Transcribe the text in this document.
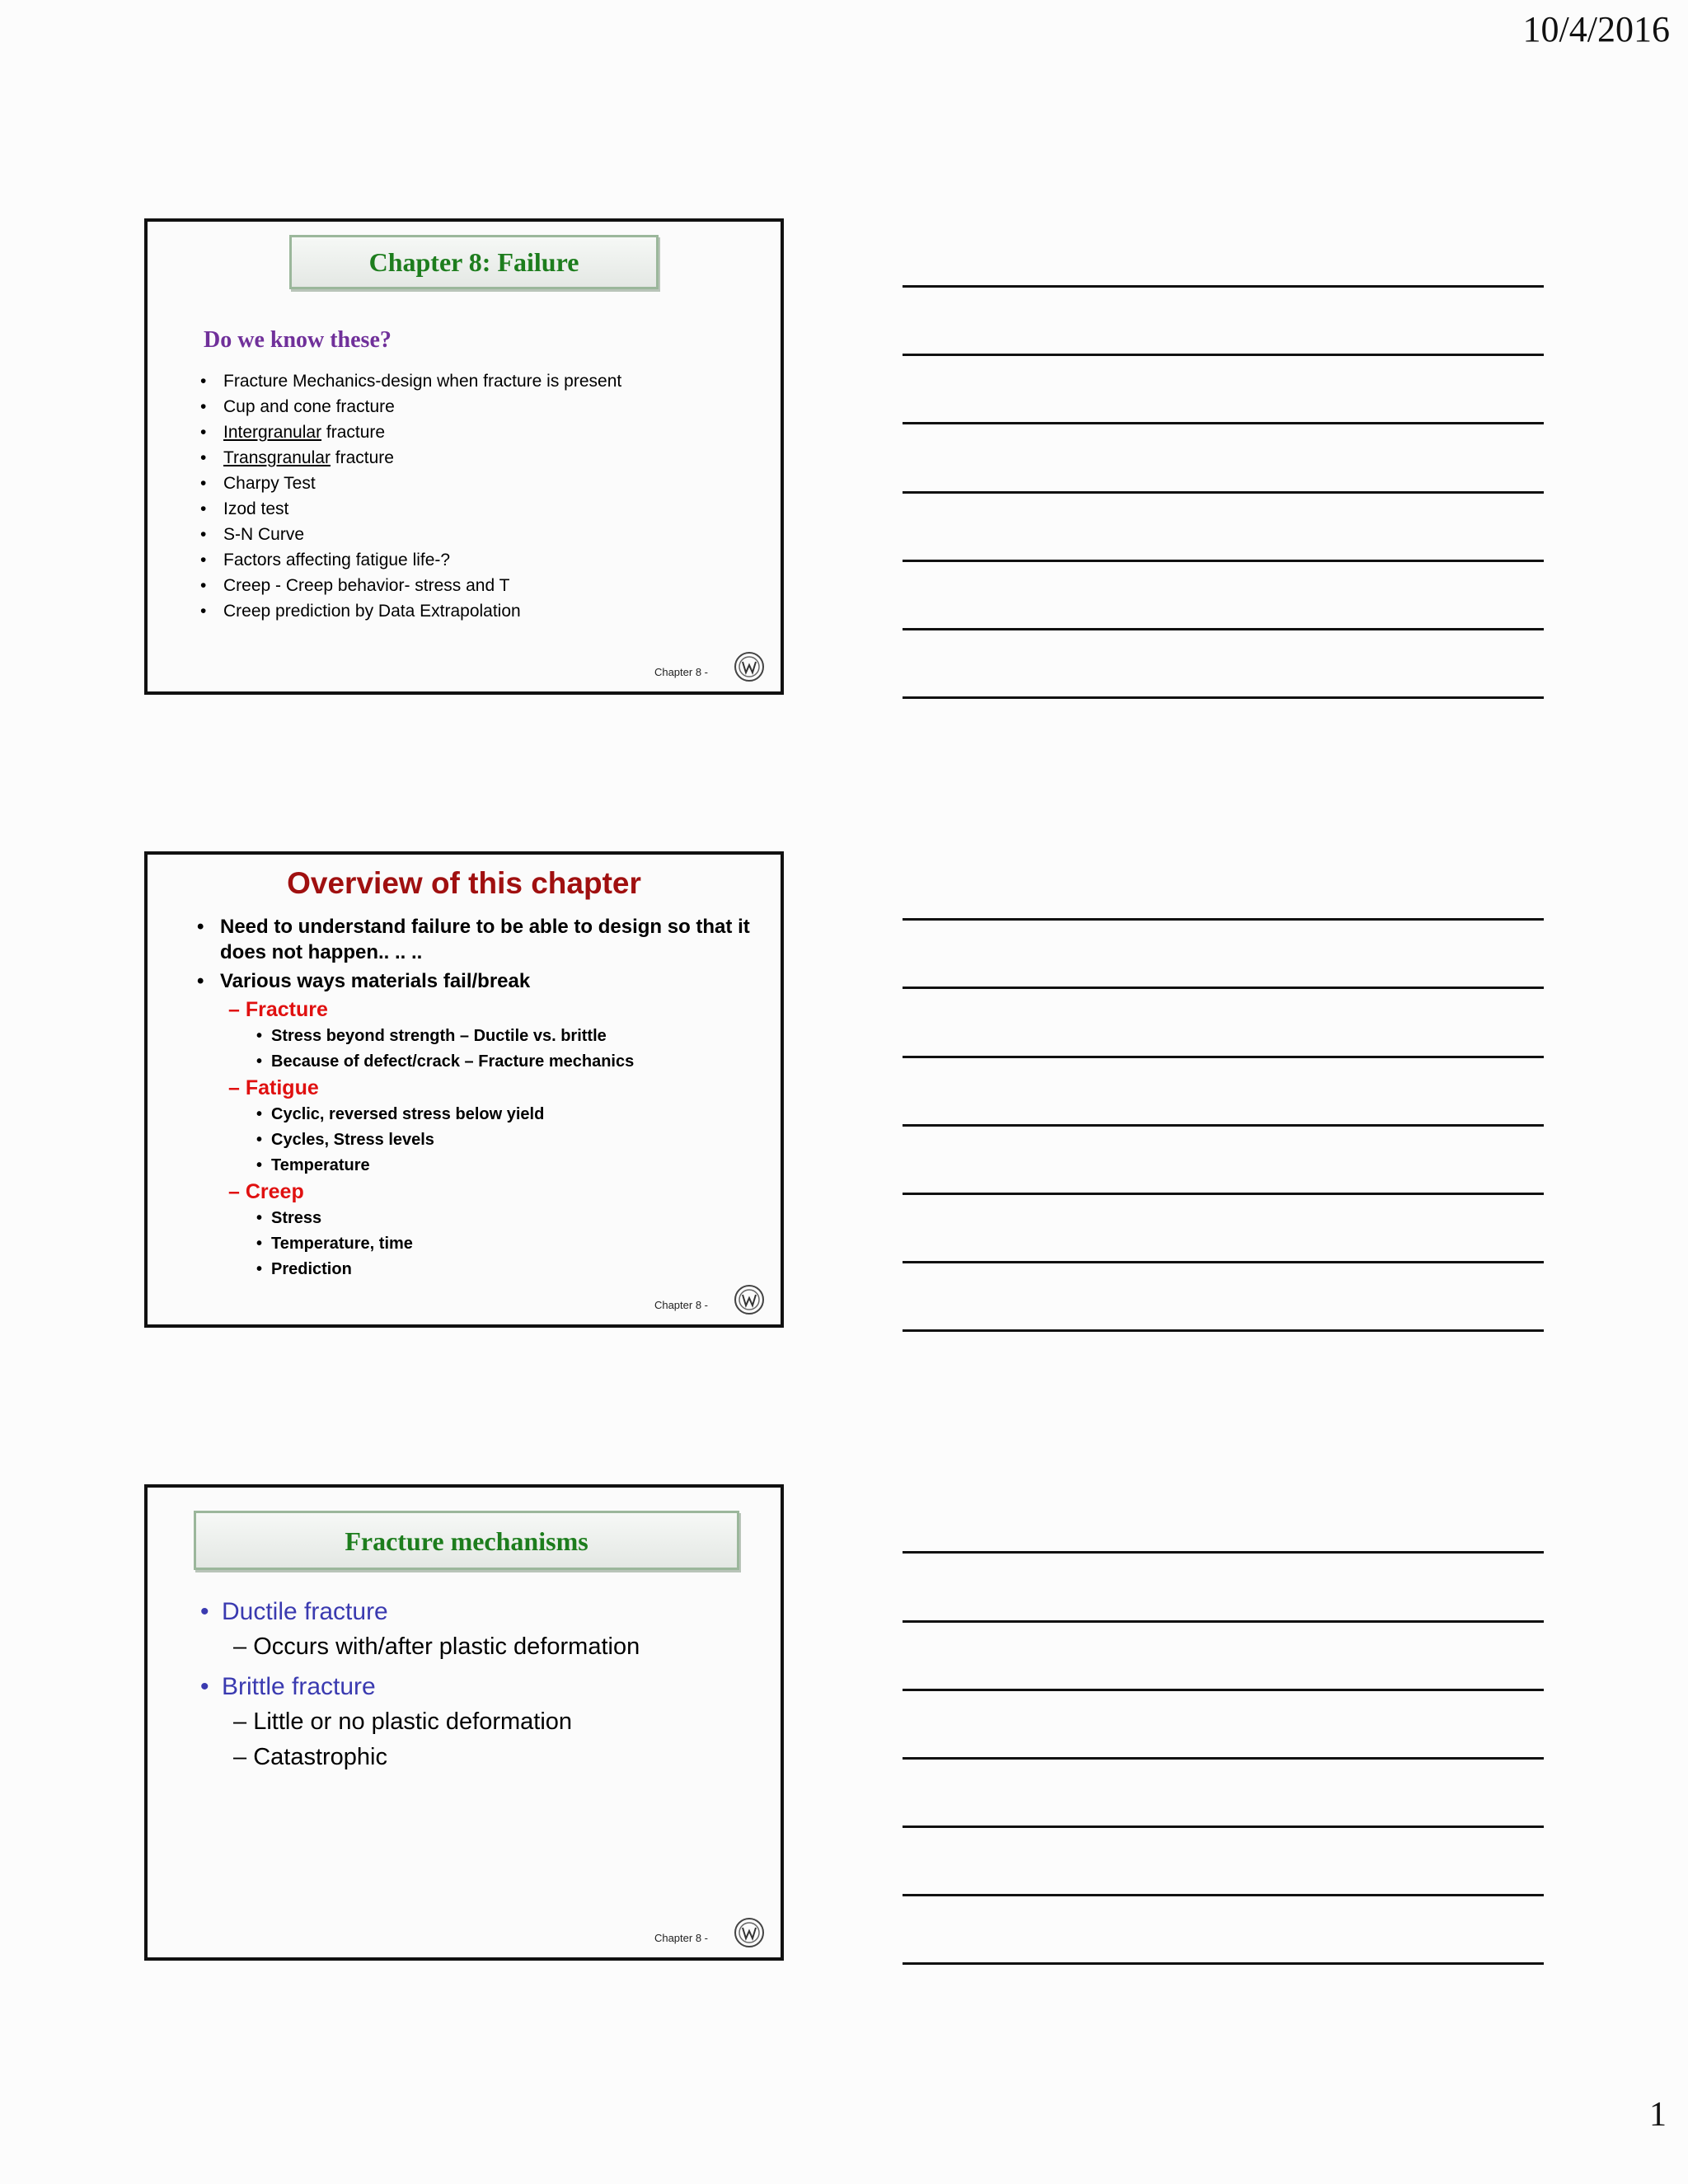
10/4/2016
Chapter 8: Failure
Do we know these?
• Fracture Mechanics-design when fracture is present
• Cup and cone fracture
• Intergranular fracture
• Transgranular fracture
• Charpy Test
• Izod test
• S-N Curve
• Factors affecting fatigue life-?
• Creep - Creep behavior- stress and T
• Creep prediction by Data Extrapolation
Chapter 8 -
Overview of this chapter
• Need to understand failure to be able to design so that it does not happen.. .. ..
• Various ways materials fail/break
– Fracture
• Stress beyond strength – Ductile vs. brittle
• Because of defect/crack – Fracture mechanics
– Fatigue
• Cyclic, reversed stress below yield
• Cycles, Stress levels
• Temperature
– Creep
• Stress
• Temperature, time
• Prediction
Chapter 8 -
Fracture mechanisms
• Ductile fracture
– Occurs with/after plastic deformation
• Brittle fracture
– Little or no plastic deformation
– Catastrophic
Chapter 8 -
1
